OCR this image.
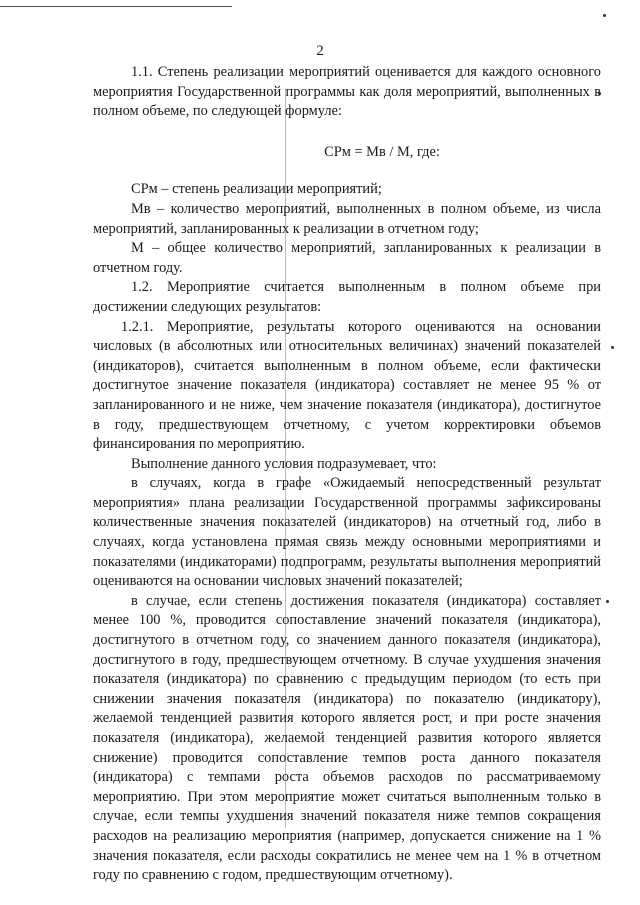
2

1.1. Степень реализации мероприятий оценивается для каждого основного мероприятия Государственной программы как доля мероприятий, выполненных в полном объеме, по следующей формуле:

СРм = Мв / М, где:

СРм – степень реализации мероприятий;

Мв – количество мероприятий, выполненных в полном объеме, из числа мероприятий, запланированных к реализации в отчетном году;

М – общее количество мероприятий, запланированных к реализации в отчетном году.

1.2. Мероприятие считается выполненным в полном объеме при достижении следующих результатов:

1.2.1. Мероприятие, результаты которого оцениваются на основании числовых (в абсолютных или относительных величинах) значений показателей (индикаторов), считается выполненным в полном объеме, если фактически достигнутое значение показателя (индикатора) составляет не менее 95 % от запланированного и не ниже, чем значение показателя (индикатора), достигнутое в году, предшествующем отчетному, с учетом корректировки объемов финансирования по мероприятию.

Выполнение данного условия подразумевает, что:

в случаях, когда в графе «Ожидаемый непосредственный результат мероприятия» плана реализации Государственной программы зафиксированы количественные значения показателей (индикаторов) на отчетный год, либо в случаях, когда установлена прямая связь между основными мероприятиями и показателями (индикаторами) подпрограмм, результаты выполнения мероприятий оцениваются на основании числовых значений показателей;

в случае, если степень достижения показателя (индикатора) составляет менее 100 %, проводится сопоставление значений показателя (индикатора), достигнутого в отчетном году, со значением данного показателя (индикатора), достигнутого в году, предшествующем отчетному. В случае ухудшения значения показателя (индикатора) по сравнению с предыдущим периодом (то есть при снижении значения показателя (индикатора) по показателю (индикатору), желаемой тенденцией развития которого является рост, и при росте значения показателя (индикатора), желаемой тенденцией развития которого является снижение) проводится сопоставление темпов роста данного показателя (индикатора) с темпами роста объемов расходов по рассматриваемому мероприятию. При этом мероприятие может считаться выполненным только в случае, если темпы ухудшения значений показателя ниже темпов сокращения расходов на реализацию мероприятия (например, допускается снижение на 1 % значения показателя, если расходы сократились не менее чем на 1 % в отчетном году по сравнению с годом, предшествующим отчетному).
